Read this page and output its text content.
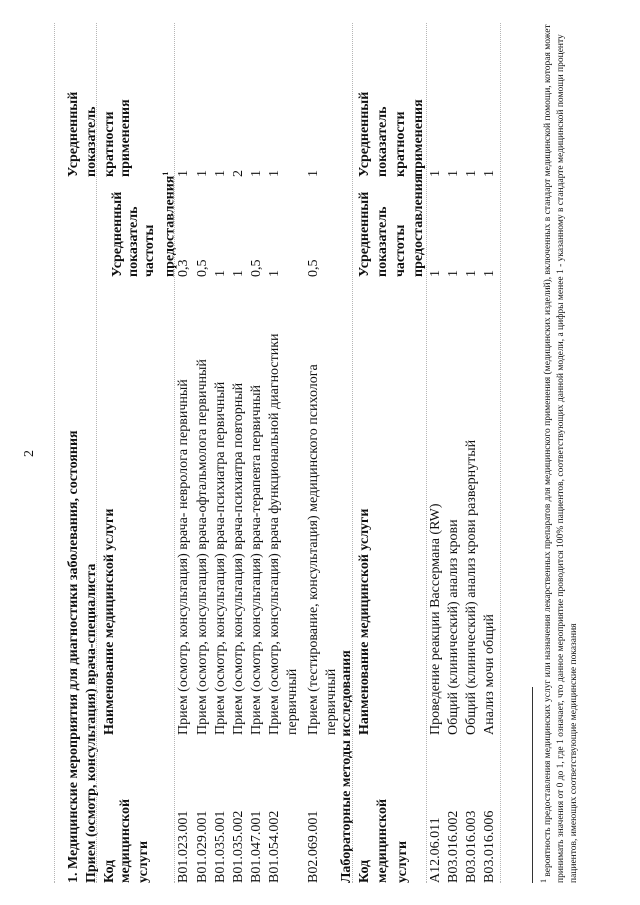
2 1. Медицинские мероприятия для диагностики заболевания, состояния Прием (осмотр, консультация) врача-специалиста Код медицинской услуги
Наименование медицинской услуги
Усредненный показатель частоты предоставления$^1$
Усредненный показатель кратности применения
B01.023.001
Прием (осмотр, консультация) врача- невролога первичный
0,3
1
B01.029.001
Прием (осмотр, консультация) врача-офтальмолога первичный
0,5
1
B01.035.001
Прием (осмотр, консультация) врача-психиатра первичный
1
1
B01.035.002
Прием (осмотр, консультация) врача-психиатра повторный
1
2
B01.047.001
Прием (осмотр, консультация) врача-терапевта первичный
0,5
1
B01.054.002
Прием (осмотр, консультация) врача функциональной диагностики первичный
1
1
B02.069.001
Прием (тестирование, консультация) медицинского психолога первичный
0,5
1
Лабораторные методы исследования Код медицинской услуги
Наименование медицинской услуги
Усредненный показатель частоты предоставления
Усредненный показатель кратности применения
A12.06.011
Проведение реакции Вассермана (RW)
1
1
B03.016.002
Общий (клинический) анализ крови
1
1
B03.016.003
Общий (клинический) анализ крови развернутый
1
1
B03.016.006
Анализ мочи общий
1
1
$^1$ вероятность предоставления медицинских услуг или назначения лекарственных препаратов для медицинского применения (медицинских изделий), включенных в стандарт медицинской помощи, которая может принимать значения от 0 до 1, где 1 означает, что данное мероприятие проводится 100% пациентов, соответствующих данной модели, а цифры менее 1 - указанному в стандарте медицинской помощи проценту пациентов, имеющих соответствующие медицинские показания
